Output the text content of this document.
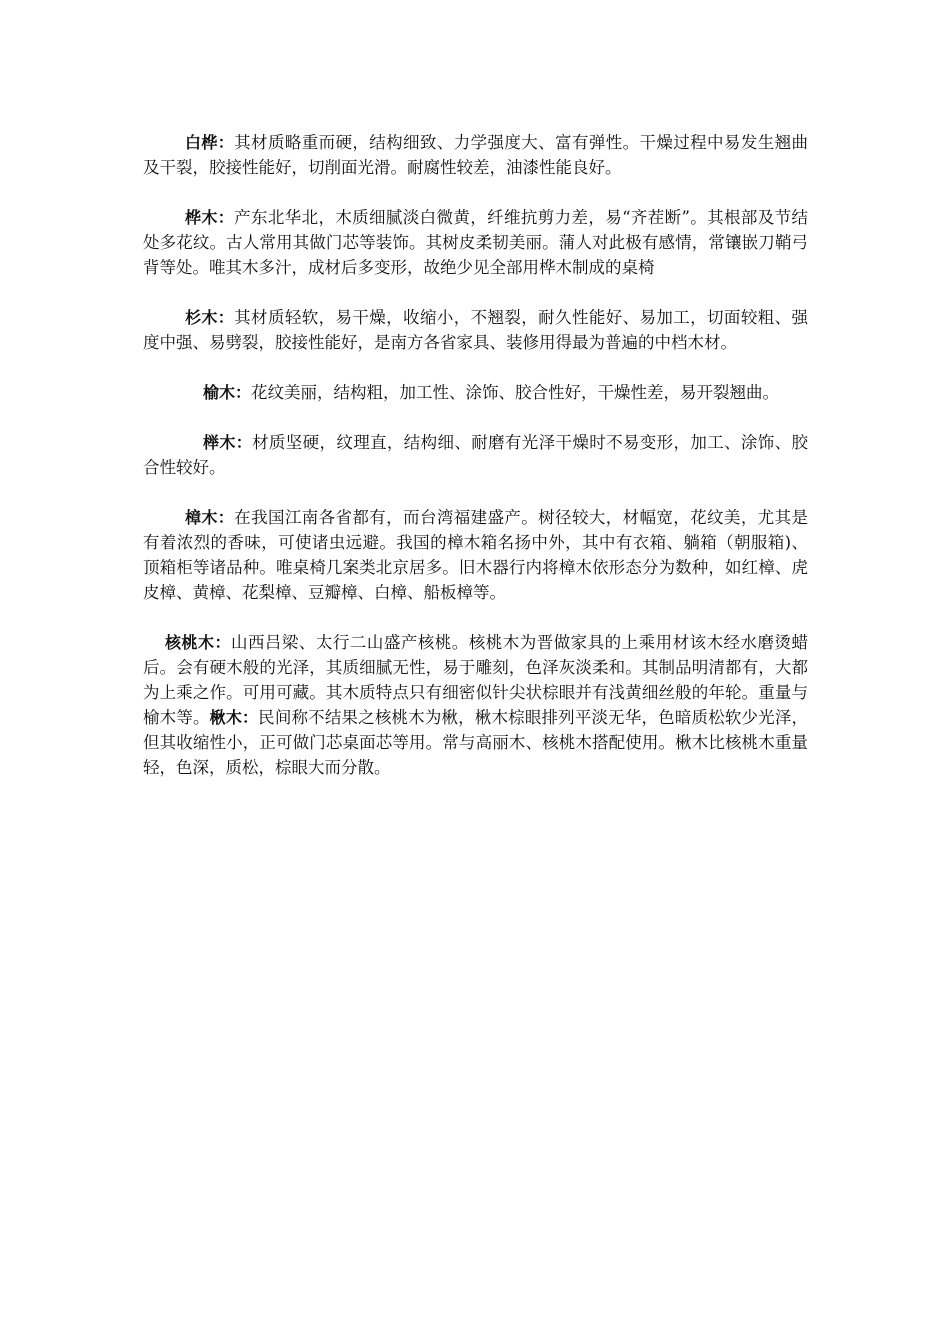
白桦：其材质略重而硬，结构细致、力学强度大、富有弹性。干燥过程中易发生翘曲及干裂，胶接性能好，切削面光滑。耐腐性较差，油漆性能良好。

桦木：产东北华北，木质细腻淡白微黄，纤维抗剪力差，易“齐茬断”。其根部及节结处多花纹。古人常用其做门芯等装饰。其树皮柔韧美丽。蒲人对此极有感情，常镶嵌刀鞘弓背等处。唯其木多汁，成材后多变形，故绝少见全部用桦木制成的桌椅

杉木：其材质轻软，易干燥，收缩小，不翘裂，耐久性能好、易加工，切面较粗、强度中强、易劈裂，胶接性能好，是南方各省家具、装修用得最为普遍的中档木材。

榆木：花纹美丽，结构粗，加工性、涂饰、胶合性好，干燥性差，易开裂翘曲。

榉木：材质坚硬，纹理直，结构细、耐磨有光泽干燥时不易变形，加工、涂饰、胶合性较好。

樟木：在我国江南各省都有，而台湾福建盛产。树径较大，材幅宽，花纹美，尤其是有着浓烈的香味，可使诸虫远避。我国的樟木箱名扬中外，其中有衣箱、躺箱（朝服箱)、顶箱柜等诸品种。唯桌椅几案类北京居多。旧木器行内将樟木依形态分为数种，如红樟、虎皮樟、黄樟、花梨樟、豆瓣樟、白樟、船板樟等。

核桃木：山西吕梁、太行二山盛产核桃。核桃木为晋做家具的上乘用材该木经水磨烫蜡后。会有硬木般的光泽，其质细腻无性，易于雕刻，色泽灰淡柔和。其制品明清都有，大都为上乘之作。可用可藏。其木质特点只有细密似针尖状棕眼并有浅黄细丝般的年轮。重量与榆木等。楸木：民间称不结果之核桃木为楸，楸木棕眼排列平淡无华，色暗质松软少光泽，但其收缩性小，正可做门芯桌面芯等用。常与高丽木、核桃木搭配使用。楸木比核桃木重量轻，色深，质松，棕眼大而分散。
